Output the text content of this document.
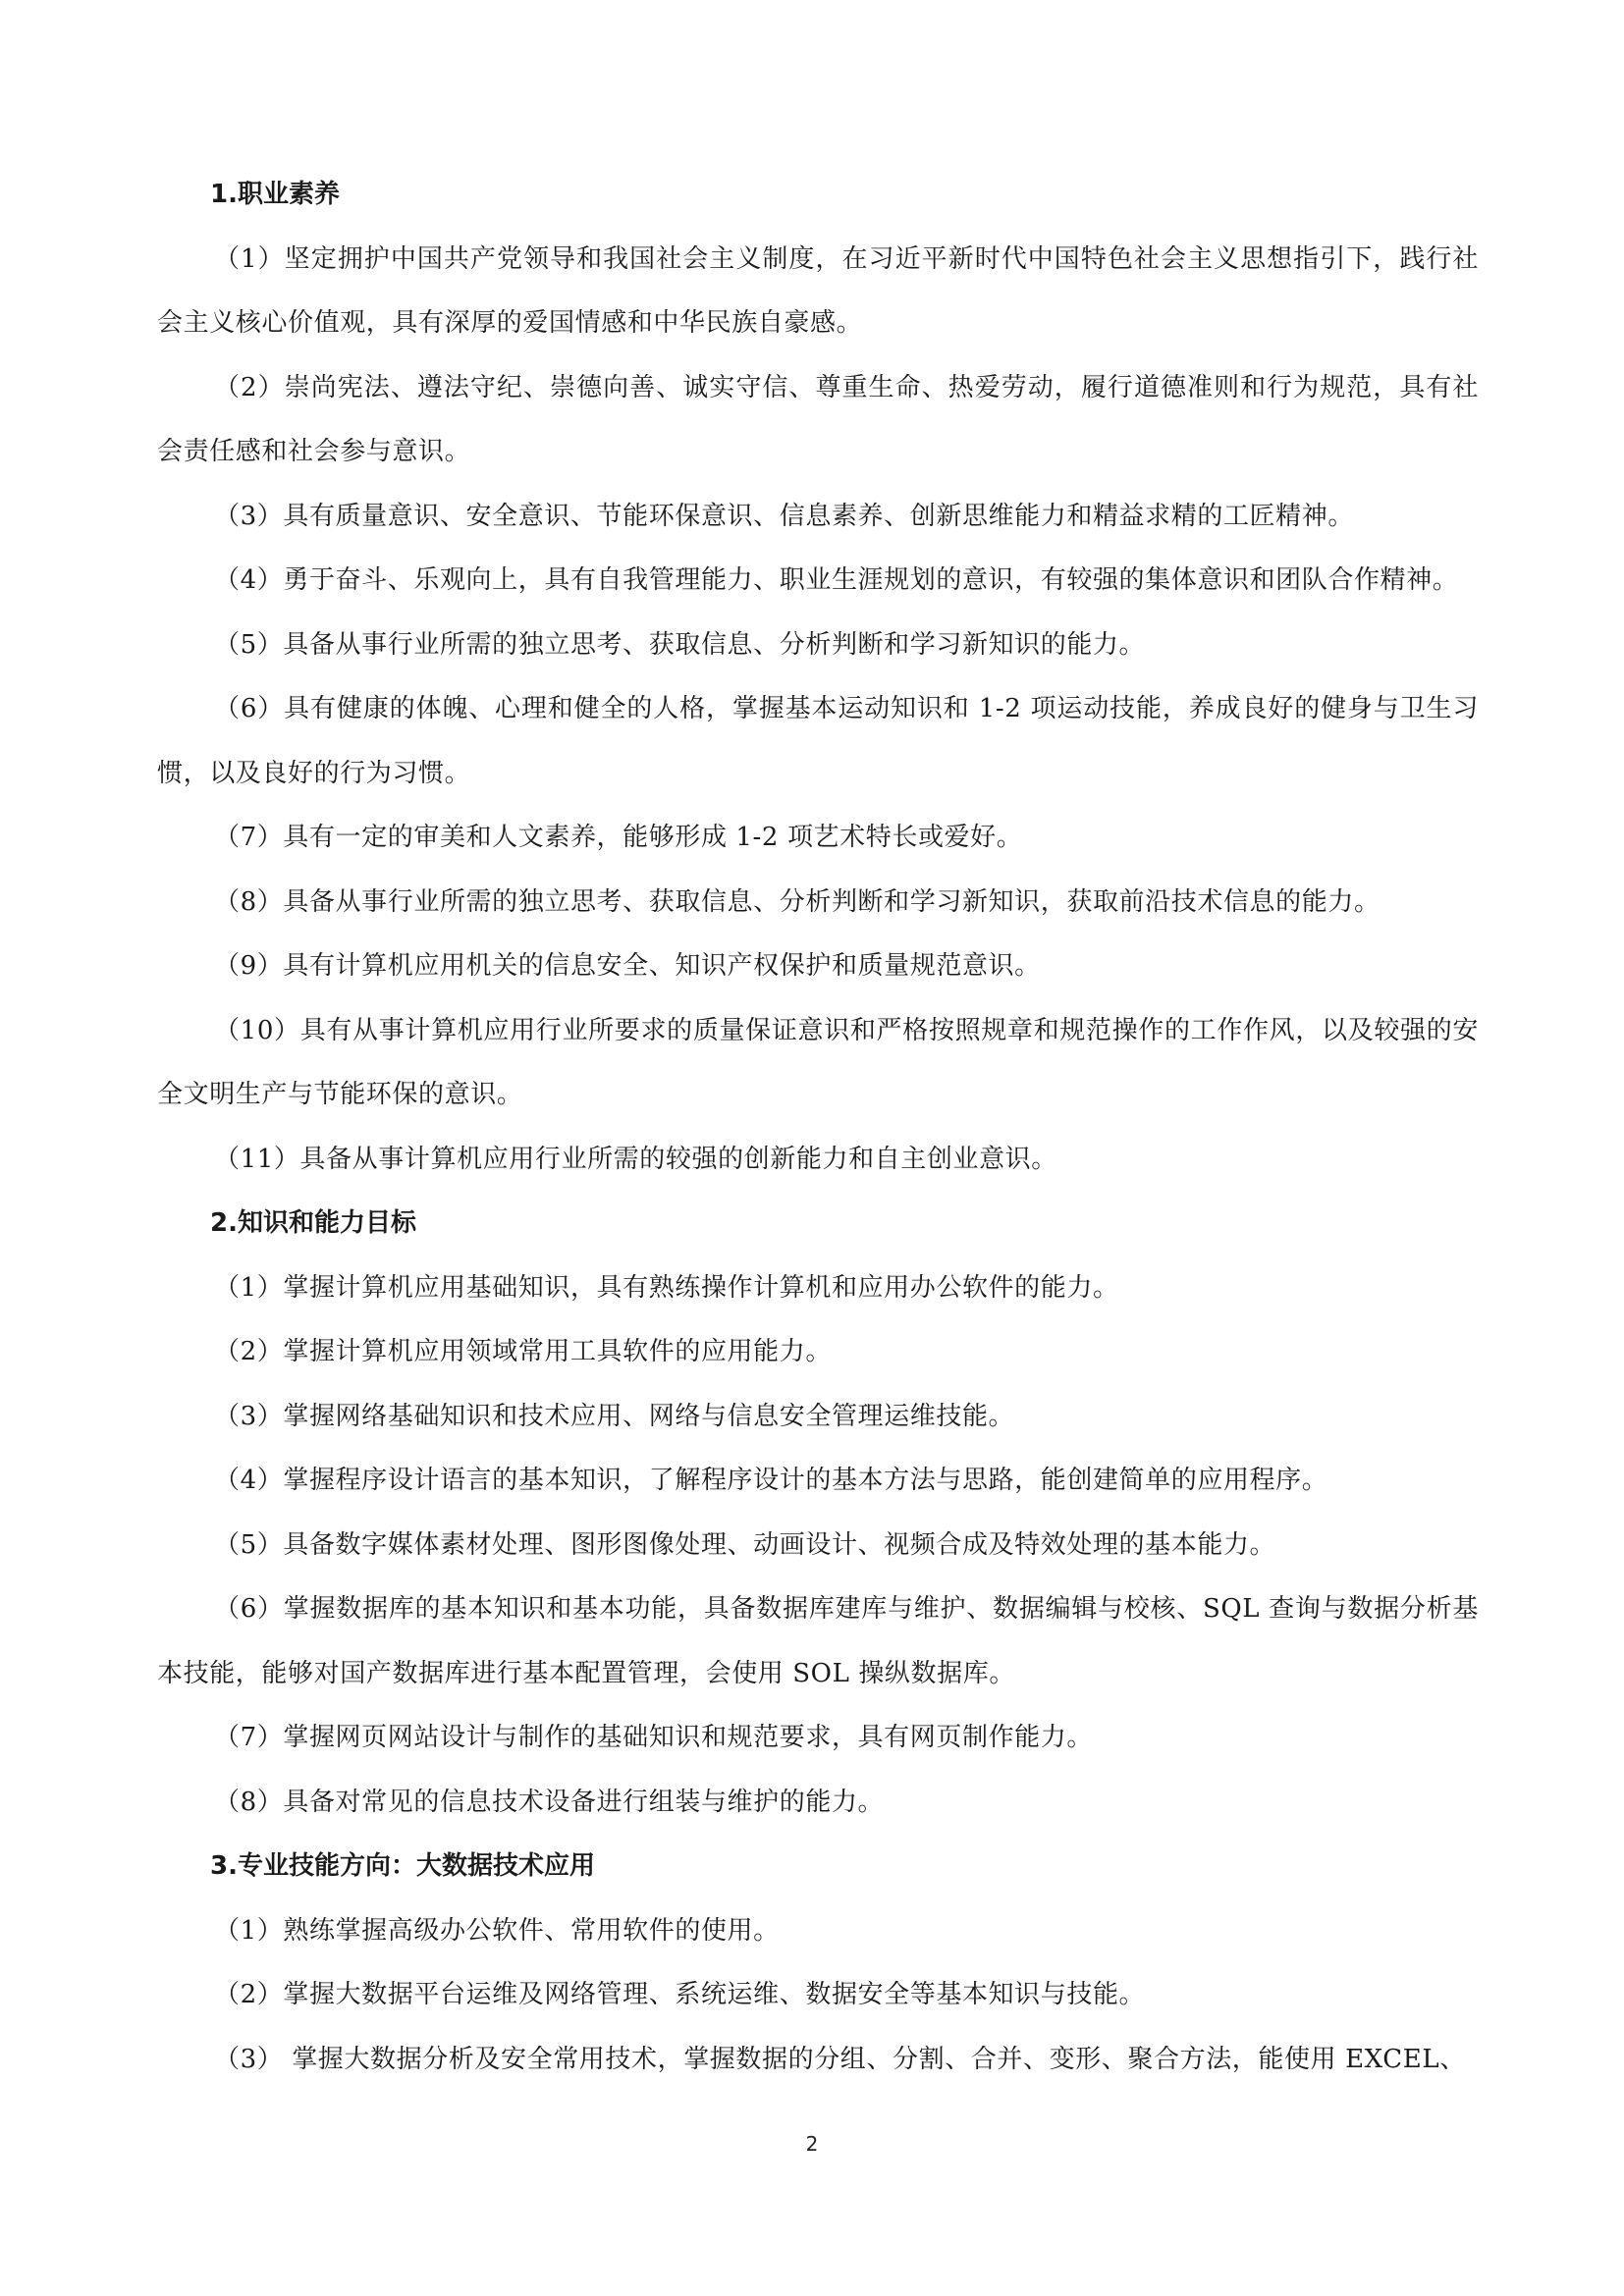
1.职业素养

（1）坚定拥护中国共产党领导和我国社会主义制度，在习近平新时代中国特色社会主义思想指引下，践行社会主义核心价值观，具有深厚的爱国情感和中华民族自豪感。

（2）崇尚宪法、遵法守纪、崇德向善、诚实守信、尊重生命、热爱劳动，履行道德准则和行为规范，具有社会责任感和社会参与意识。

（3）具有质量意识、安全意识、节能环保意识、信息素养、创新思维能力和精益求精的工匠精神。

（4）勇于奋斗、乐观向上，具有自我管理能力、职业生涯规划的意识，有较强的集体意识和团队合作精神。

（5）具备从事行业所需的独立思考、获取信息、分析判断和学习新知识的能力。

（6）具有健康的体魄、心理和健全的人格，掌握基本运动知识和 1-2 项运动技能，养成良好的健身与卫生习惯，以及良好的行为习惯。

（7）具有一定的审美和人文素养，能够形成 1-2 项艺术特长或爱好。

（8）具备从事行业所需的独立思考、获取信息、分析判断和学习新知识，获取前沿技术信息的能力。

（9）具有计算机应用机关的信息安全、知识产权保护和质量规范意识。

（10）具有从事计算机应用行业所要求的质量保证意识和严格按照规章和规范操作的工作作风，以及较强的安全文明生产与节能环保的意识。

（11）具备从事计算机应用行业所需的较强的创新能力和自主创业意识。

2.知识和能力目标

（1）掌握计算机应用基础知识，具有熟练操作计算机和应用办公软件的能力。

（2）掌握计算机应用领域常用工具软件的应用能力。

（3）掌握网络基础知识和技术应用、网络与信息安全管理运维技能。

（4）掌握程序设计语言的基本知识，了解程序设计的基本方法与思路，能创建简单的应用程序。

（5）具备数字媒体素材处理、图形图像处理、动画设计、视频合成及特效处理的基本能力。

（6）掌握数据库的基本知识和基本功能，具备数据库建库与维护、数据编辑与校核、SQL 查询与数据分析基本技能，能够对国产数据库进行基本配置管理，会使用 SOL 操纵数据库。

（7）掌握网页网站设计与制作的基础知识和规范要求，具有网页制作能力。

（8）具备对常见的信息技术设备进行组装与维护的能力。

3.专业技能方向：大数据技术应用

（1）熟练掌握高级办公软件、常用软件的使用。

（2）掌握大数据平台运维及网络管理、系统运维、数据安全等基本知识与技能。

（3） 掌握大数据分析及安全常用技术，掌握数据的分组、分割、合并、变形、聚合方法，能使用 EXCEL、

2
